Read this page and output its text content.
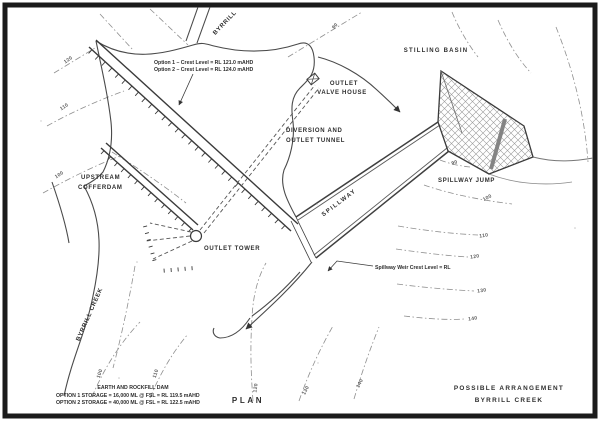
BYRRILL
Option 1 – Crest Level = RL 121.0 mAHD
Option 2 – Crest Level = RL 124.0 mAHD
STILLING BASIN
OUTLET
VALVE HOUSE
DIVERSION AND
OUTLET TUNNEL
SPILLWAY
SPILLWAY JUMP
Spillway Weir Crest Level = RL
UPSTREAM
COFFERDAM
OUTLET TOWER
BYRRILL CREEK
EARTH AND ROCKFILL DAM
OPTION 1 STORAGE = 16,000 ML @ FSL = RL 119.5 mAHD
OPTION 2 STORAGE = 40,000 ML @ FSL = RL 122.5 mAHD	PLAN
POSSIBLE ARRANGEMENT
BYRRILL CREEK
120
110
100
90
100	110
120	130
140
110
120
130
140
90
100
